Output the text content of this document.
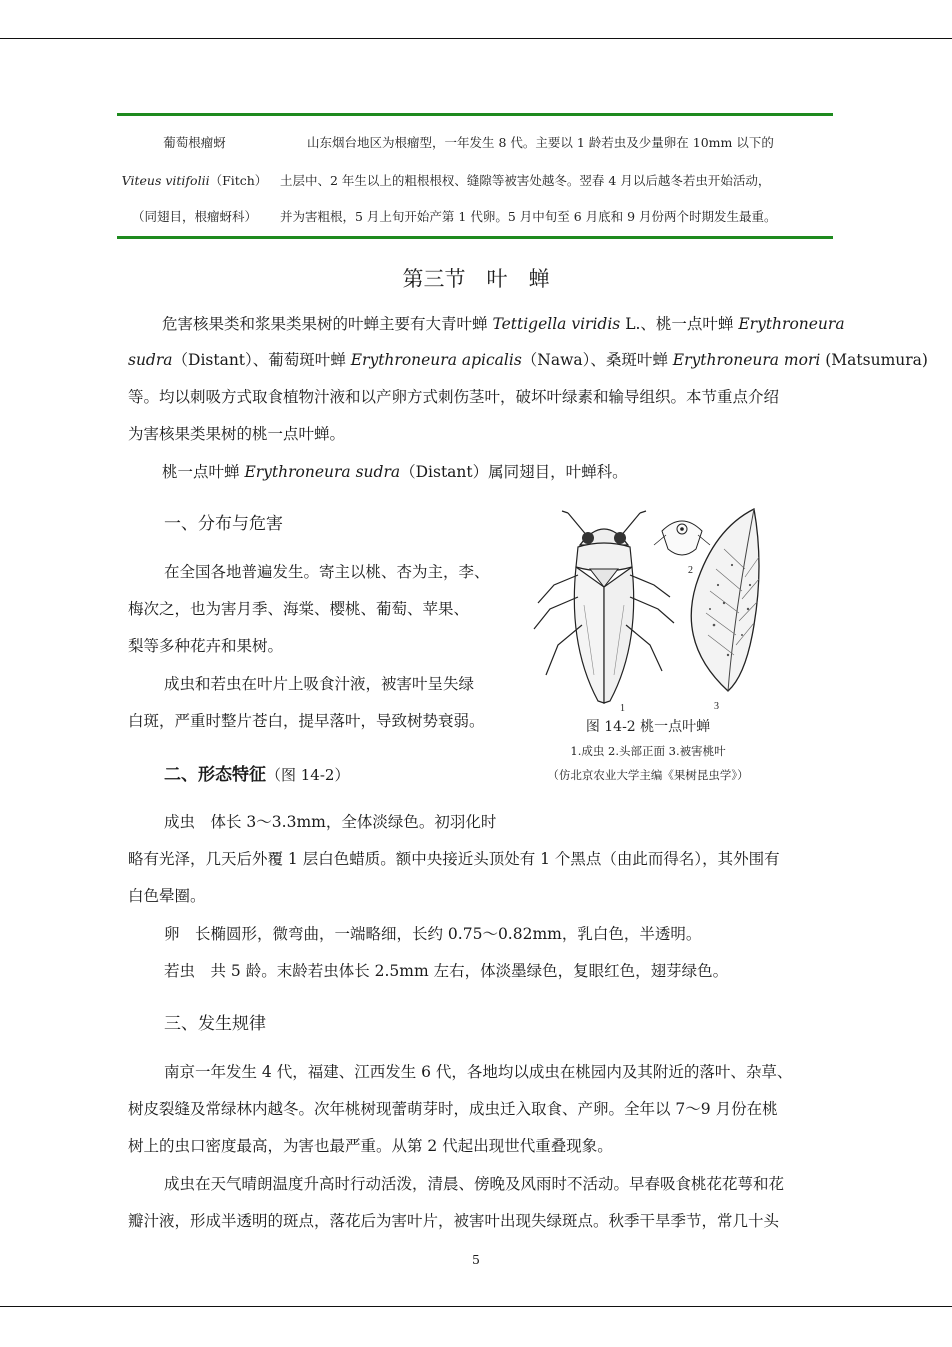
葡萄根瘤蚜
Viteus vitifolii（Fitch）
（同翅目，根瘤蚜科）
山东烟台地区为根瘤型，一年发生 8 代。主要以 1 龄若虫及少量卵在 10mm 以下的
土层中、2 年生以上的粗根根杈、缝隙等被害处越冬。翌春 4 月以后越冬若虫开始活动，
并为害粗根，5 月上旬开始产第 1 代卵。5 月中旬至 6 月底和 9 月份两个时期发生最重。
第三节　叶　蝉
危害核果类和浆果类果树的叶蝉主要有大青叶蝉 Tettigella viridis L.、桃一点叶蝉 Erythroneura
sudra（Distant）、葡萄斑叶蝉 Erythroneura apicalis（Nawa）、桑斑叶蝉 Erythroneura mori (Matsumura)
等。均以刺吸方式取食植物汁液和以产卵方式刺伤茎叶，破坏叶绿素和输导组织。本节重点介绍
为害核果类果树的桃一点叶蝉。
桃一点叶蝉 Erythroneura sudra（Distant）属同翅目，叶蝉科。
一、分布与危害
在全国各地普遍发生。寄主以桃、杏为主，李、
梅次之，也为害月季、海棠、樱桃、葡萄、苹果、
梨等多种花卉和果树。
成虫和若虫在叶片上吸食汁液，被害叶呈失绿
白斑，严重时整片苍白，提早落叶，导致树势衰弱。
1
2
3
图 14-2 桃一点叶蝉
1.成虫 2.头部正面 3.被害桃叶
（仿北京农业大学主编《果树昆虫学》）
二、形态特征（图 14-2）
成虫　体长 3～3.3mm，全体淡绿色。初羽化时
略有光泽，几天后外覆 1 层白色蜡质。额中央接近头顶处有 1 个黑点（由此而得名），其外围有
白色晕圈。
卵　长椭圆形，微弯曲，一端略细，长约 0.75～0.82mm，乳白色，半透明。
若虫　共 5 龄。末龄若虫体长 2.5mm 左右，体淡墨绿色，复眼红色，翅芽绿色。
三、发生规律
南京一年发生 4 代，福建、江西发生 6 代，各地均以成虫在桃园内及其附近的落叶、杂草、
树皮裂缝及常绿林内越冬。次年桃树现蕾萌芽时，成虫迁入取食、产卵。全年以 7～9 月份在桃
树上的虫口密度最高，为害也最严重。从第 2 代起出现世代重叠现象。
成虫在天气晴朗温度升高时行动活泼，清晨、傍晚及风雨时不活动。早春吸食桃花花萼和花
瓣汁液，形成半透明的斑点，落花后为害叶片，被害叶出现失绿斑点。秋季干旱季节，常几十头
5
